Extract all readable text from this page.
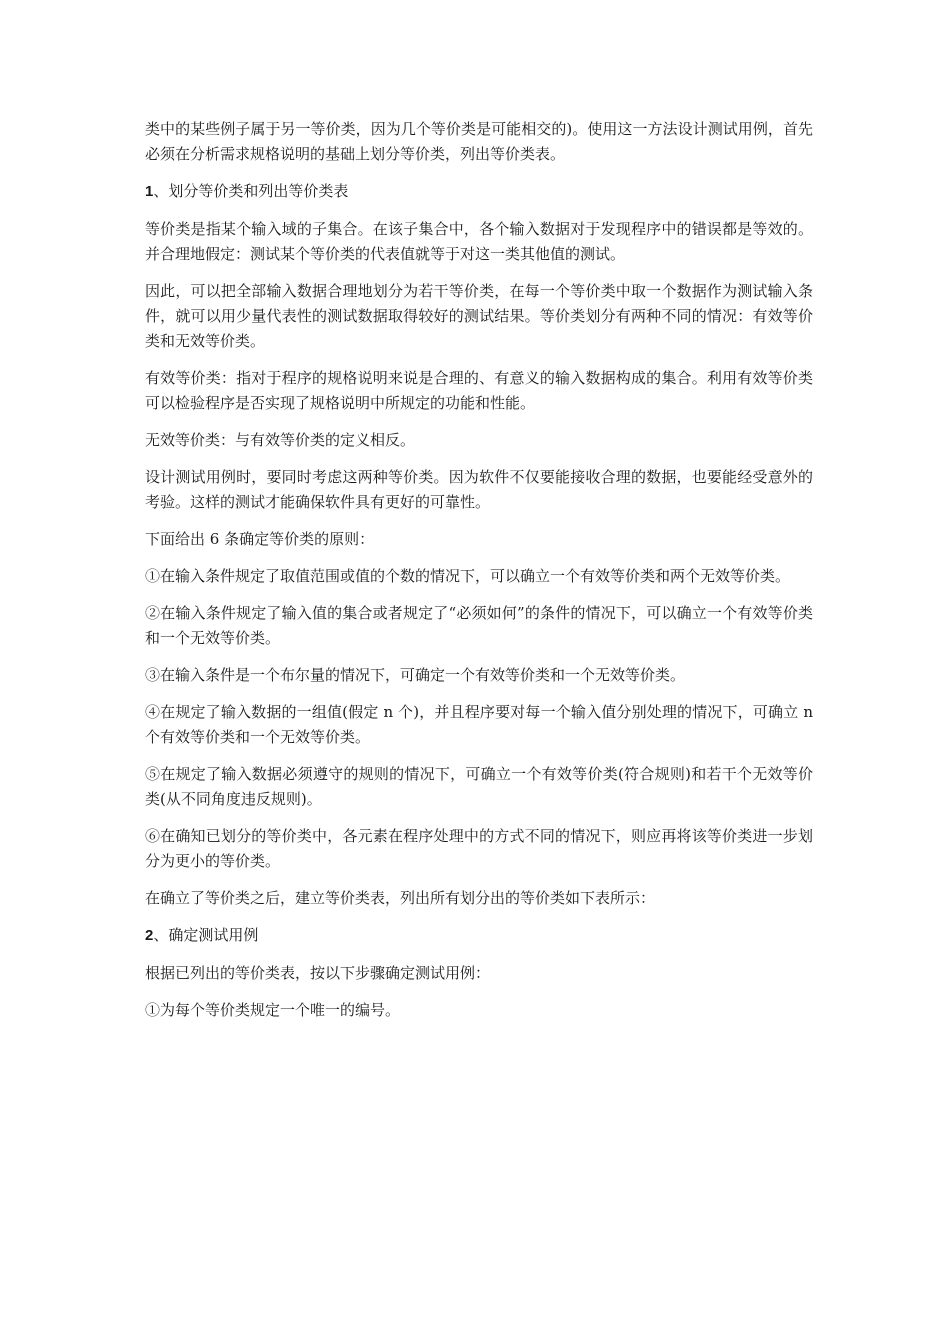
类中的某些例子属于另一等价类，因为几个等价类是可能相交的)。使用这一方法设计测试用例，首先必须在分析需求规格说明的基础上划分等价类，列出等价类表。

1、划分等价类和列出等价类表

等价类是指某个输入域的子集合。在该子集合中，各个输入数据对于发现程序中的错误都是等效的。并合理地假定：测试某个等价类的代表值就等于对这一类其他值的测试。

因此，可以把全部输入数据合理地划分为若干等价类，在每一个等价类中取一个数据作为测试输入条件，就可以用少量代表性的测试数据取得较好的测试结果。等价类划分有两种不同的情况：有效等价类和无效等价类。

有效等价类：指对于程序的规格说明来说是合理的、有意义的输入数据构成的集合。利用有效等价类可以检验程序是否实现了规格说明中所规定的功能和性能。

无效等价类：与有效等价类的定义相反。

设计测试用例时，要同时考虑这两种等价类。因为软件不仅要能接收合理的数据，也要能经受意外的考验。这样的测试才能确保软件具有更好的可靠性。

下面给出 6 条确定等价类的原则：

①在输入条件规定了取值范围或值的个数的情况下，可以确立一个有效等价类和两个无效等价类。

②在输入条件规定了输入值的集合或者规定了“必须如何”的条件的情况下，可以确立一个有效等价类和一个无效等价类。

③在输入条件是一个布尔量的情况下，可确定一个有效等价类和一个无效等价类。

④在规定了输入数据的一组值(假定 n 个)，并且程序要对每一个输入值分别处理的情况下，可确立 n 个有效等价类和一个无效等价类。

⑤在规定了输入数据必须遵守的规则的情况下，可确立一个有效等价类(符合规则)和若干个无效等价类(从不同角度违反规则)。

⑥在确知已划分的等价类中，各元素在程序处理中的方式不同的情况下，则应再将该等价类进一步划分为更小的等价类。

在确立了等价类之后，建立等价类表，列出所有划分出的等价类如下表所示：

2、确定测试用例

根据已列出的等价类表，按以下步骤确定测试用例：

①为每个等价类规定一个唯一的编号。
